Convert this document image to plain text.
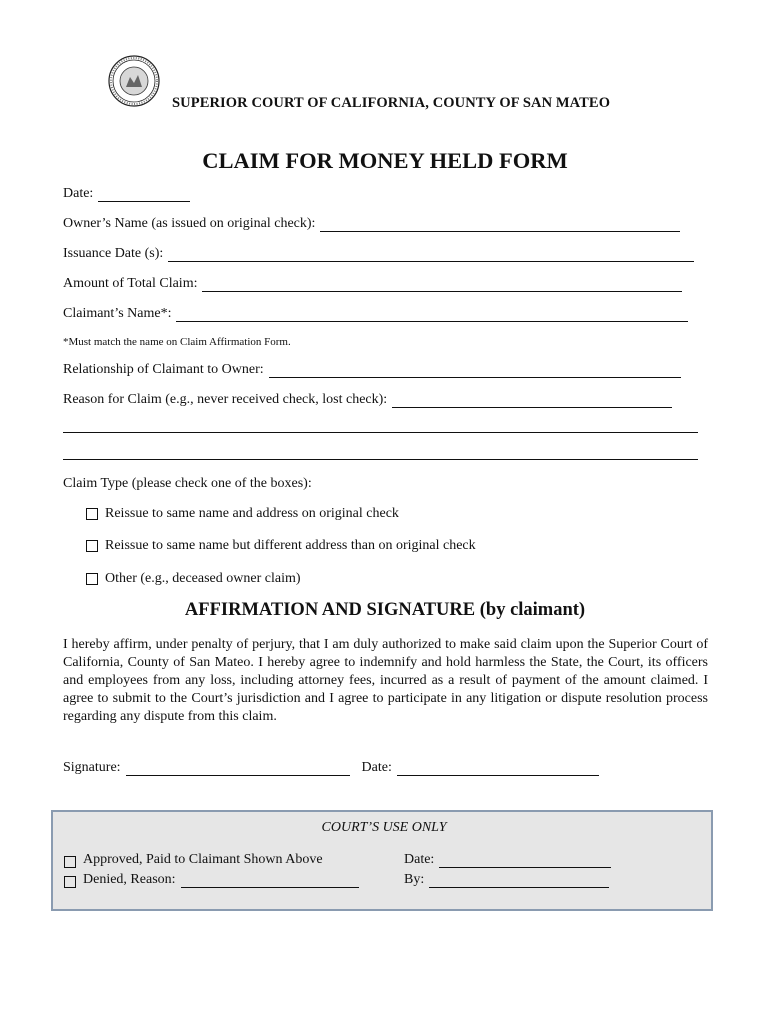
SUPERIOR COURT OF CALIFORNIA, COUNTY OF SAN MATEO
CLAIM FOR MONEY HELD FORM
Date:
Owner’s Name (as issued on original check):
Issuance Date (s):
Amount of Total Claim:
Claimant’s Name*:
*Must match the name on Claim Affirmation Form.
Relationship of Claimant to Owner:
Reason for Claim (e.g., never received check, lost check):
Claim Type (please check one of the boxes):
Reissue to same name and address on original check
Reissue to same name but different address than on original check
Other (e.g., deceased owner claim)
AFFIRMATION AND SIGNATURE (by claimant)
I hereby affirm, under penalty of perjury, that I am duly authorized to make said claim upon the Superior Court of California, County of San Mateo. I hereby agree to indemnify and hold harmless the State, the Court, its officers and employees from any loss, including attorney fees, incurred as a result of payment of the amount claimed. I agree to submit to the Court’s jurisdiction and I agree to participate in any litigation or dispute resolution process regarding any dispute from this claim.
Signature:	Date:
COURT’S USE ONLY
Approved, Paid to Claimant Shown Above
Denied, Reason:
Date:
By:
